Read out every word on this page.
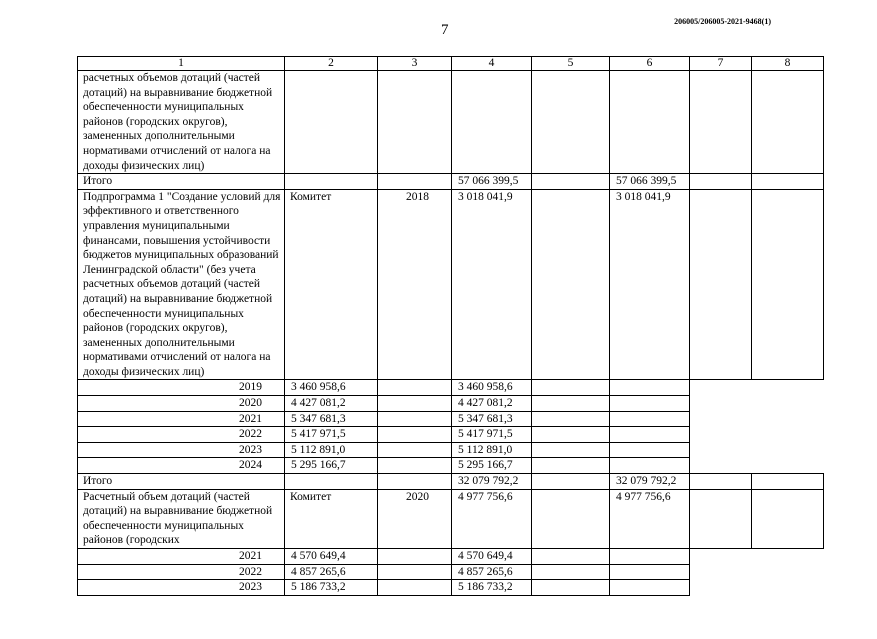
7
206005/206005-2021-9468(1)
1	2	3	4	5	6	7	8
расчетных объемов дотаций (частей дотаций) на выравнивание бюджетной обеспеченности муниципальных районов (городских округов), замененных дополнительными нормативами отчислений от налога на доходы физических лиц)							
Итого			57 066 399,5		57 066 399,5		
Подпрограмма 1 "Создание условий для эффективного и ответственного управления муниципальными финансами, повышения устойчивости бюджетов муниципальных образований Ленинградской области" (без учета расчетных объемов дотаций (частей дотаций) на выравнивание бюджетной обеспеченности муниципальных районов (городских округов), замененных дополнительными нормативами отчислений от налога на доходы физических лиц)	Комитет	2018	3 018 041,9		3 018 041,9		
2019	3 460 958,6		3 460 958,6		
2020	4 427 081,2		4 427 081,2		
2021	5 347 681,3		5 347 681,3		
2022	5 417 971,5		5 417 971,5		
2023	5 112 891,0		5 112 891,0		
2024	5 295 166,7		5 295 166,7		
Итого			32 079 792,2		32 079 792,2		
Расчетный объем дотаций (частей дотаций) на выравнивание бюджетной обеспеченности муниципальных районов (городских	Комитет	2020	4 977 756,6		4 977 756,6		
2021	4 570 649,4		4 570 649,4		
2022	4 857 265,6		4 857 265,6		
2023	5 186 733,2		5 186 733,2		
